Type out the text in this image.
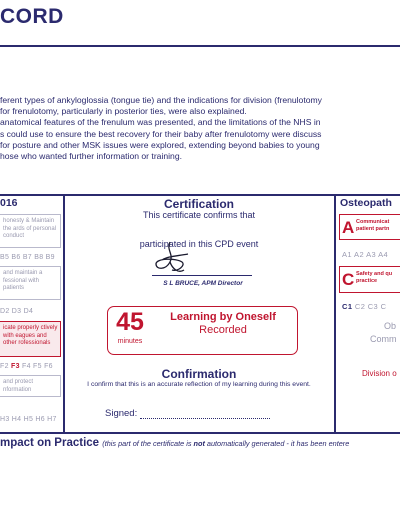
CORD
ferent types of ankyloglossia (tongue tie) and the indications for division (frenulotomy
for frenulotomy, particularly in posterior ties, were also explained.
anatomical features of the frenulum was presented, and the limitations of the NHS in
s could use to ensure the best recovery for their baby after frenulotomy were discuss
for posture and other MSK issues were explored, extending beyond babies to young
hose who wanted further information or training.
016
honesty & Maintain the ards of personal conduct
B5 B6 B7 B8 B9
and maintain a fessional with patients
D2 D3 D4
icate properly ctively with eagues and other rofessionals
F2 F3 F4 F5 F6
and protect nformation
H3 H4 H5 H6 H7
Certification
This certificate confirms that
participated in this CPD event
S L BRUCE, APM Director
45
minutes
Learning by Oneself
Recorded
Confirmation
I confirm that this is an accurate reflection of my learning during this event.
Signed:
Osteopath
A Communicat patient partn
A1 A2 A3 A4
C Safety and qu practice
C1 C2 C3 C
Ob
Comm
Division o
mpact on Practice (this part of the certificate is not automatically generated - it has been entere
